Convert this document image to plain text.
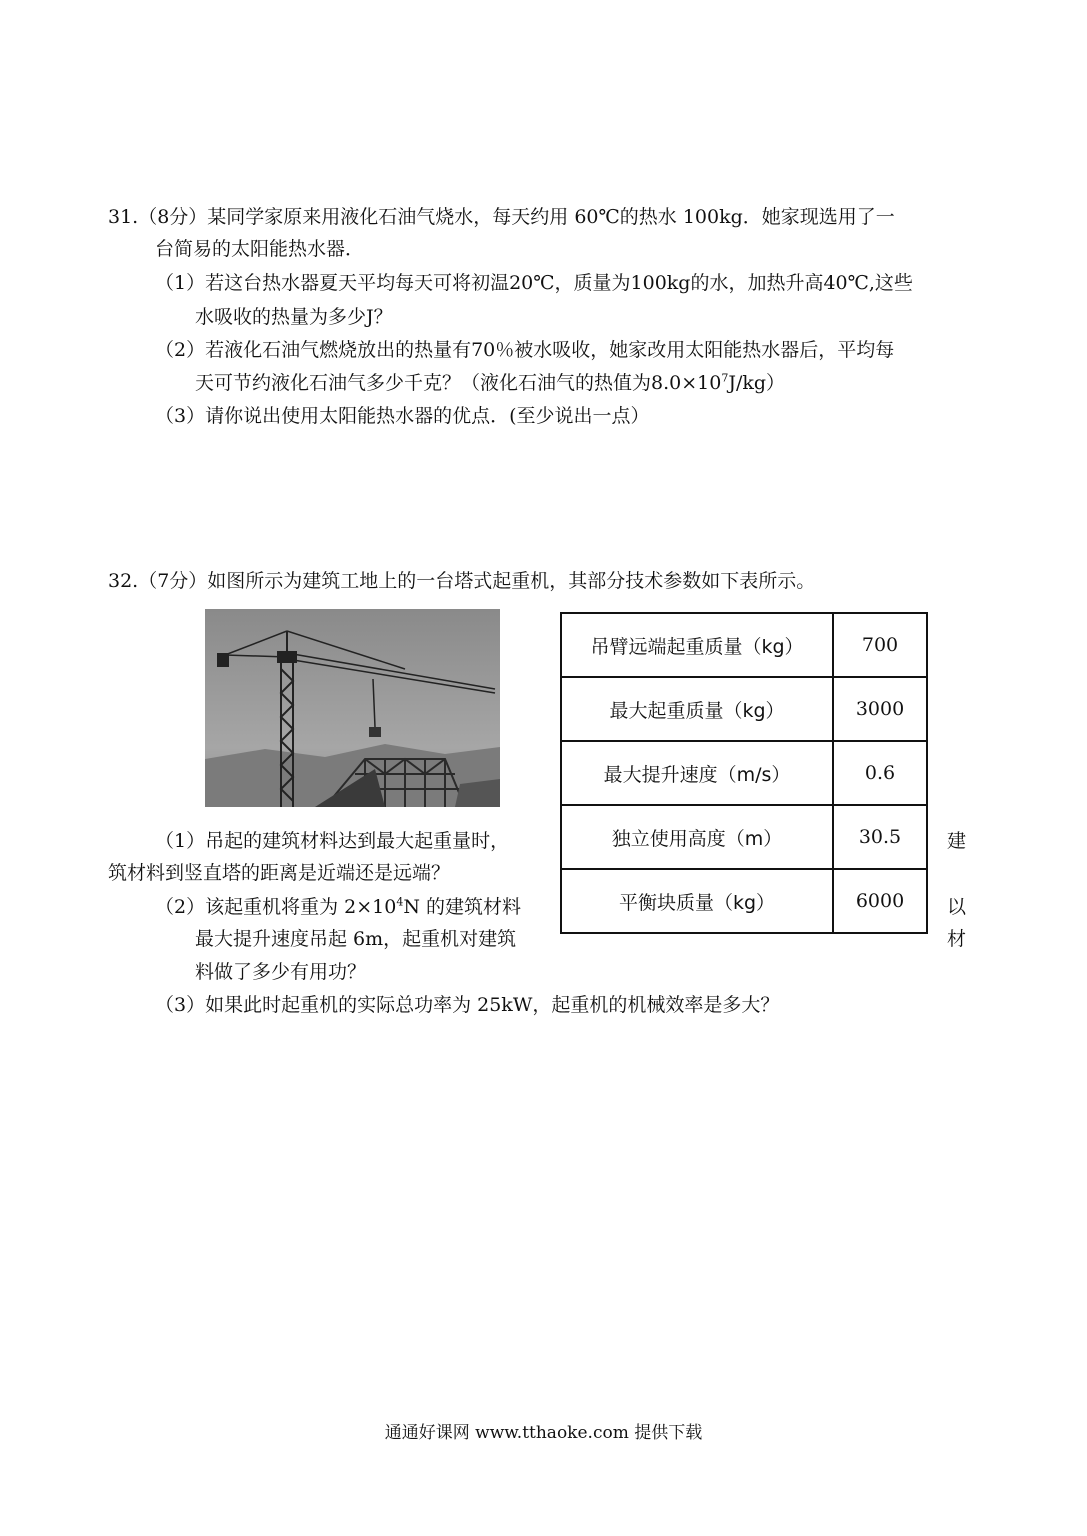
31.（8分）某同学家原来用液化石油气烧水，每天约用 60℃的热水 100kg．她家现选用了一
台简易的太阳能热水器．
（1）若这台热水器夏天平均每天可将初温20℃，质量为100kg的水，加热升高40℃,这些
水吸收的热量为多少J？
（2）若液化石油气燃烧放出的热量有70％被水吸收，她家改用太阳能热水器后，平均每
天可节约液化石油气多少千克？（液化石油气的热值为$8.0\times 10^7J/kg$）
（3）请你说出使用太阳能热水器的优点．(至少说出一点）
32.（7分）如图所示为建筑工地上的一台塔式起重机，其部分技术参数如下表所示。
吊臂远端起重质量（kg）	700
最大起重质量（kg）	3000
最大提升速度（m/s）	0.6
独立使用高度（m）	30.5
平衡块质量（kg）	6000
（1）吊起的建筑材料达到最大起重量时，	建
筑材料到竖直塔的距离是近端还是远端？
（2）该起重机将重为 $2\times 10^4N$ 的建筑材料	以
最大提升速度吊起 6m，起重机对建筑	材
料做了多少有用功？
（3）如果此时起重机的实际总功率为 25kW，起重机的机械效率是多大？
通通好课网 www.tthaoke.com 提供下载
